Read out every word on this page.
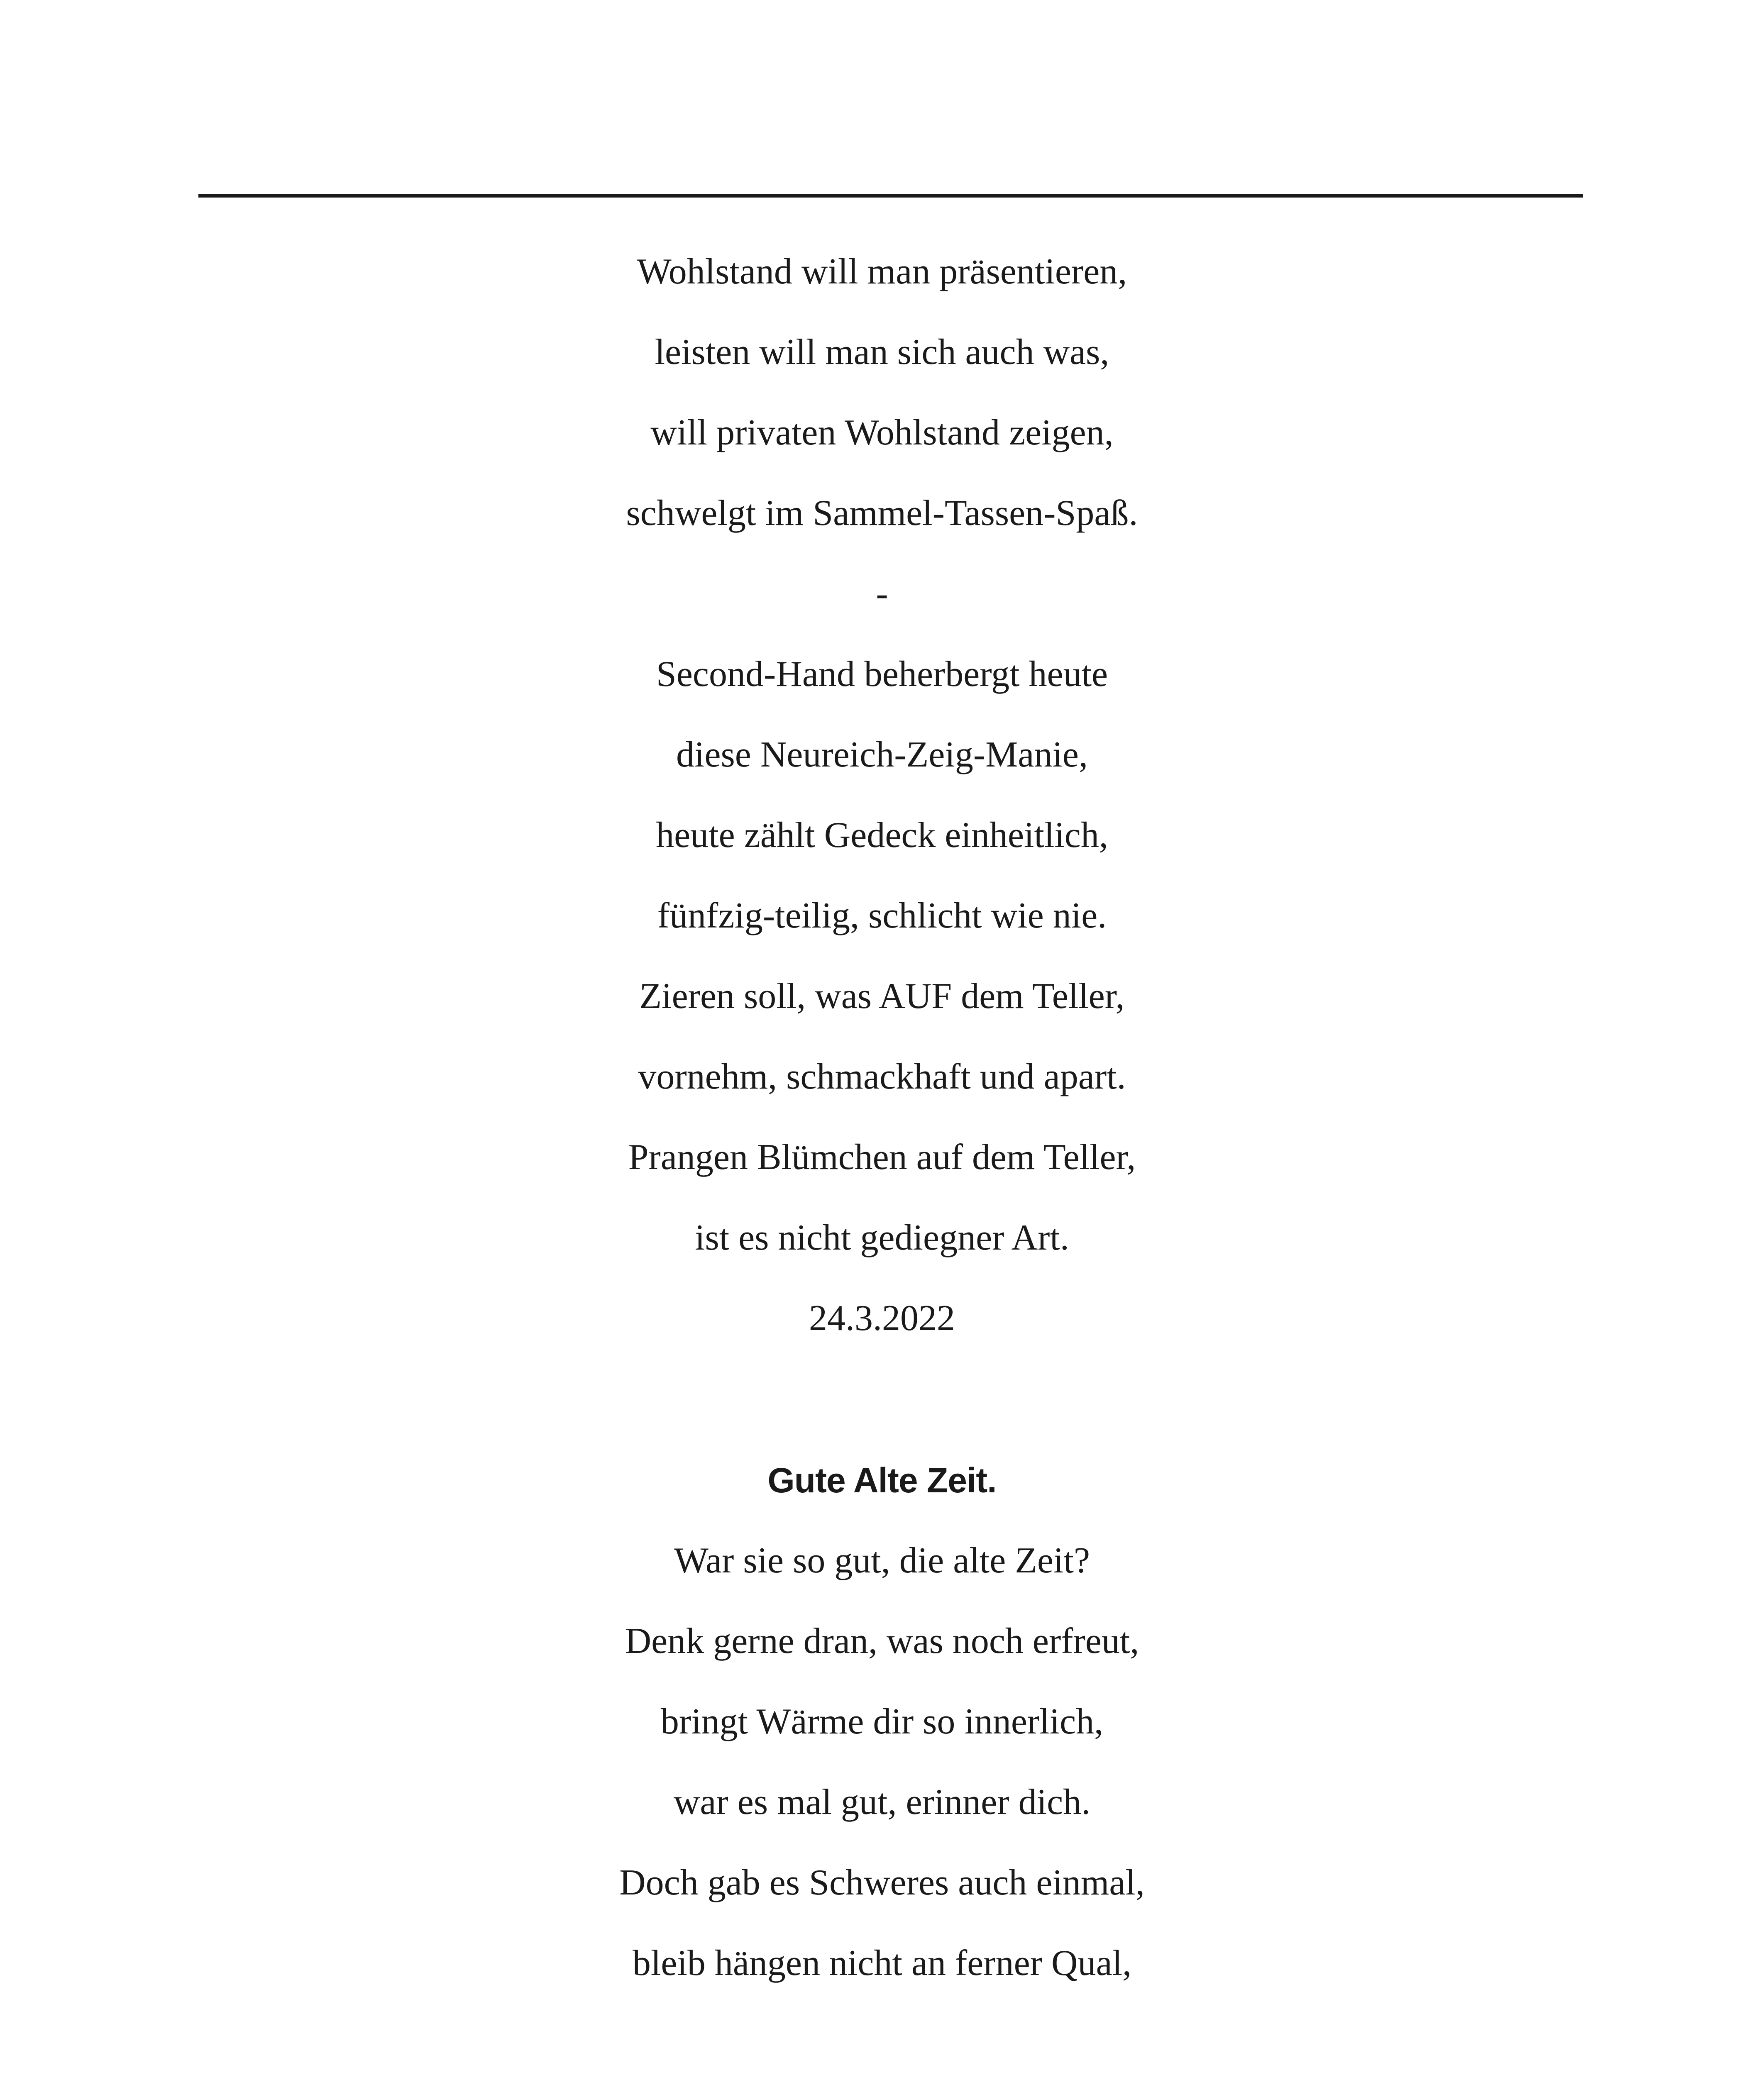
Wohlstand will man präsentieren,
leisten will man sich auch was,
will privaten Wohlstand zeigen,
schwelgt im Sammel-Tassen-Spaß.
-
Second-Hand beherbergt heute
diese Neureich-Zeig-Manie,
heute zählt Gedeck einheitlich,
fünfzig-teilig, schlicht wie nie.
Zieren soll, was AUF dem Teller,
vornehm, schmackhaft und apart.
Prangen Blümchen auf dem Teller,
ist es nicht gediegner Art.
24.3.2022
Gute Alte Zeit.
War sie so gut, die alte Zeit?
Denk gerne dran, was noch erfreut,
bringt Wärme dir so innerlich,
war es mal gut, erinner dich.
Doch gab es Schweres auch einmal,
bleib hängen nicht an ferner Qual,
